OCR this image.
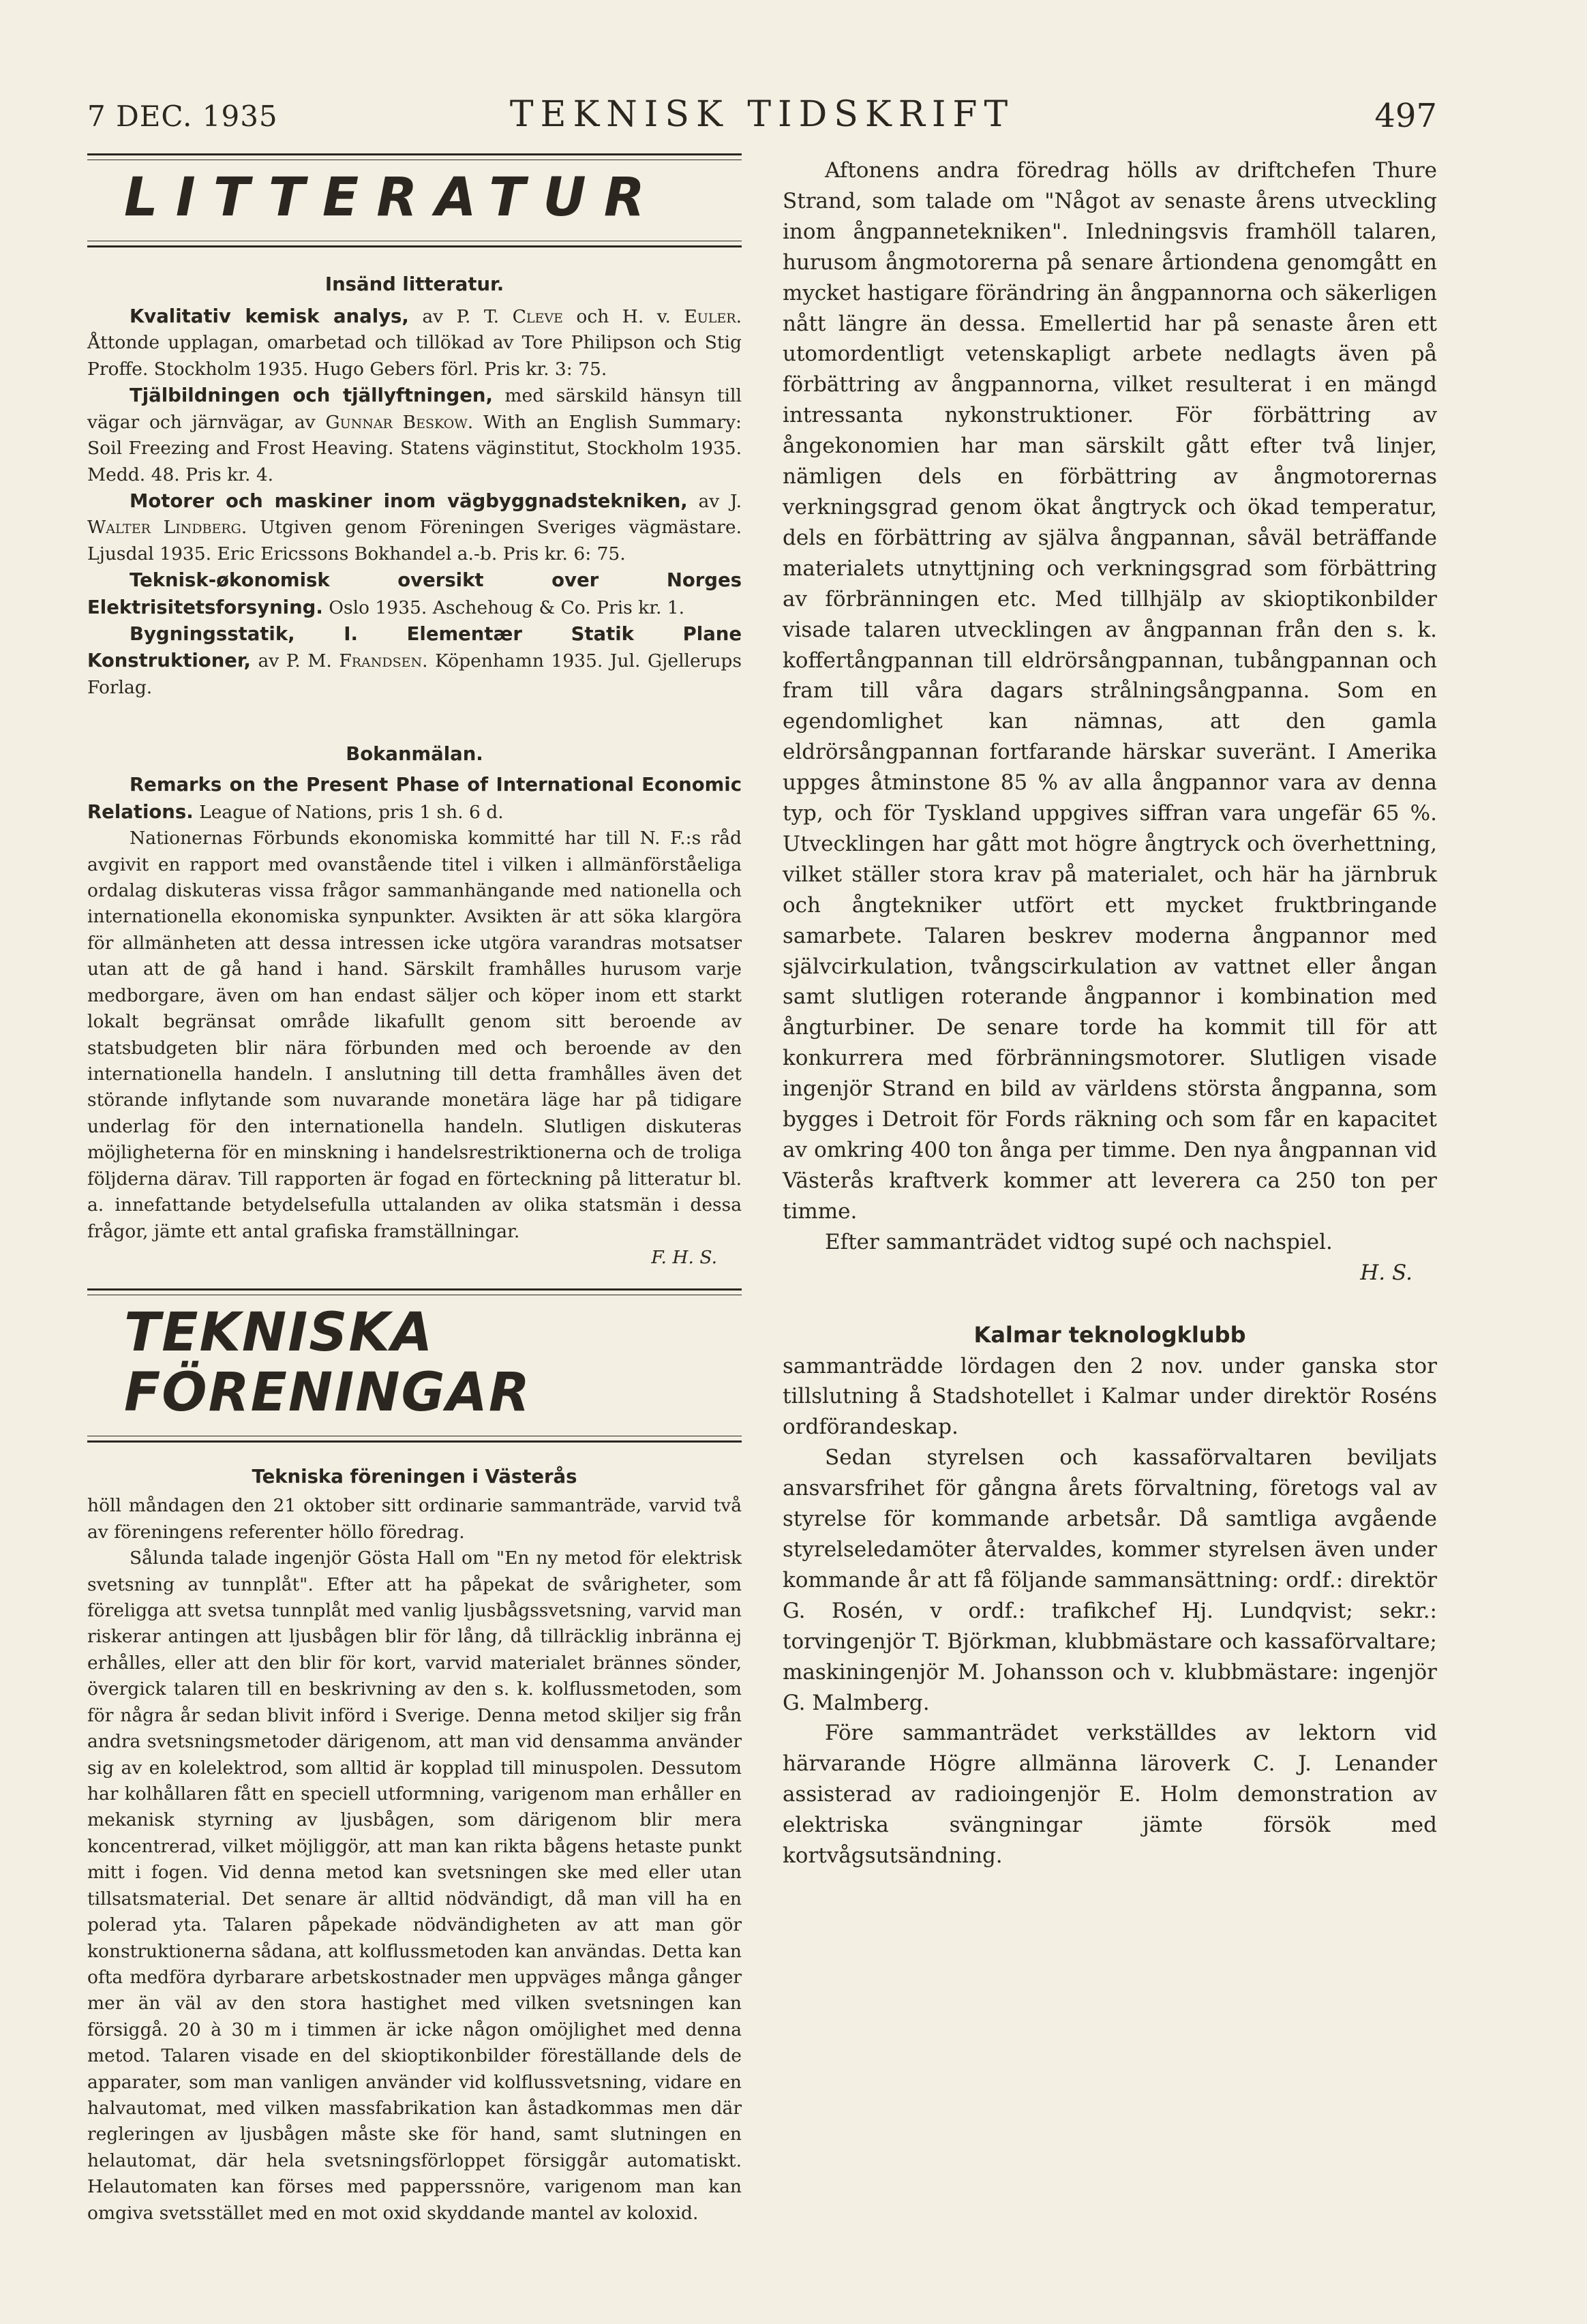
7 DEC. 1935	TEKNISK TIDSKRIFT	497
LITTERATUR

Insänd litteratur.

Kvalitativ kemisk analys, av P. T. Cleve och H. v. Euler. Åttonde upplagan, omarbetad och tillökad av Tore Philipson och Stig Proffe. Stockholm 1935. Hugo Gebers förl. Pris kr. 3: 75.

Tjälbildningen och tjällyftningen, med särskild hänsyn till vägar och järnvägar, av Gunnar Beskow. With an English Summary: Soil Freezing and Frost Heaving. Statens väginstitut, Stockholm 1935. Medd. 48. Pris kr. 4.

Motorer och maskiner inom vägbyggnadstekniken, av J. Walter Lindberg. Utgiven genom Föreningen Sveriges vägmästare. Ljusdal 1935. Eric Ericssons Bokhandel a.-b. Pris kr. 6: 75.

Teknisk-økonomisk oversikt over Norges Elektrisitetsforsyning. Oslo 1935. Aschehoug & Co. Pris kr. 1.

Bygningsstatik, I. Elementær Statik Plane Konstruktioner, av P. M. Frandsen. Köpenhamn 1935. Jul. Gjellerups Forlag.

Bokanmälan.

Remarks on the Present Phase of International Economic Relations. League of Nations, pris 1 sh. 6 d.

Nationernas Förbunds ekonomiska kommitté har till N. F.:s råd avgivit en rapport med ovanstående titel i vilken i allmänförståeliga ordalag diskuteras vissa frågor sammanhängande med nationella och internationella ekonomiska synpunkter. Avsikten är att söka klargöra för allmänheten att dessa intressen icke utgöra varandras motsatser utan att de gå hand i hand. Särskilt framhålles hurusom varje medborgare, även om han endast säljer och köper inom ett starkt lokalt begränsat område likafullt genom sitt beroende av statsbudgeten blir nära förbunden med och beroende av den internationella handeln. I anslutning till detta framhålles även det störande inflytande som nuvarande monetära läge har på tidigare underlag för den internationella handeln. Slutligen diskuteras möjligheterna för en minskning i handelsrestriktionerna och de troliga följderna därav. Till rapporten är fogad en förteckning på litteratur bl. a. innefattande betydelsefulla uttalanden av olika statsmän i dessa frågor, jämte ett antal grafiska framställningar.

F. H. S.

TEKNISKA FÖRENINGAR

Tekniska föreningen i Västerås

höll måndagen den 21 oktober sitt ordinarie sammanträde, varvid två av föreningens referenter höllo föredrag.

Sålunda talade ingenjör Gösta Hall om "En ny metod för elektrisk svetsning av tunnplåt". Efter att ha påpekat de svårigheter, som föreligga att svetsa tunnplåt med vanlig ljusbågssvetsning, varvid man riskerar antingen att ljusbågen blir för lång, då tillräcklig inbränna ej erhålles, eller att den blir för kort, varvid materialet brännes sönder, övergick talaren till en beskrivning av den s. k. kolflussmetoden, som för några år sedan blivit införd i Sverige. Denna metod skiljer sig från andra svetsningsmetoder därigenom, att man vid densamma använder sig av en kolelektrod, som alltid är kopplad till minuspolen. Dessutom har kolhållaren fått en speciell utformning, varigenom man erhåller en mekanisk styrning av ljusbågen, som därigenom blir mera koncentrerad, vilket möjliggör, att man kan rikta bågens hetaste punkt mitt i fogen. Vid denna metod kan svetsningen ske med eller utan tillsatsmaterial. Det senare är alltid nödvändigt, då man vill ha en polerad yta. Talaren påpekade nödvändigheten av att man gör konstruktionerna sådana, att kolflussmetoden kan användas. Detta kan ofta medföra dyrbarare arbetskostnader men uppväges många gånger mer än väl av den stora hastighet med vilken svetsningen kan försiggå. 20 à 30 m i timmen är icke någon omöjlighet med denna metod. Talaren visade en del skioptikonbilder föreställande dels de apparater, som man vanligen använder vid kolflussvetsning, vidare en halvautomat, med vilken massfabrikation kan åstadkommas men där regleringen av ljusbågen måste ske för hand, samt slutningen en helautomat, där hela svetsningsförloppet försiggår automatiskt. Helautomaten kan förses med papperssnöre, varigenom man kan omgiva svetsstället med en mot oxid skyddande mantel av koloxid.

Aftonens andra föredrag hölls av driftchefen Thure Strand, som talade om "Något av senaste årens utveckling inom ångpannetekniken". Inledningsvis framhöll talaren, hurusom ångmotorerna på senare årtiondena genomgått en mycket hastigare förändring än ångpannorna och säkerligen nått längre än dessa. Emellertid har på senaste åren ett utomordentligt vetenskapligt arbete nedlagts även på förbättring av ångpannorna, vilket resulterat i en mängd intressanta nykonstruktioner. För förbättring av ångekonomien har man särskilt gått efter två linjer, nämligen dels en förbättring av ångmotorernas verkningsgrad genom ökat ångtryck och ökad temperatur, dels en förbättring av själva ångpannan, såväl beträffande materialets utnyttjning och verkningsgrad som förbättring av förbränningen etc. Med tillhjälp av skioptikonbilder visade talaren utvecklingen av ångpannan från den s. k. koffertångpannan till eldrörsångpannan, tubångpannan och fram till våra dagars strålningsångpanna. Som en egendomlighet kan nämnas, att den gamla eldrörsångpannan fortfarande härskar suveränt. I Amerika uppges åtminstone 85 % av alla ångpannor vara av denna typ, och för Tyskland uppgives siffran vara ungefär 65 %. Utvecklingen har gått mot högre ångtryck och överhettning, vilket ställer stora krav på materialet, och här ha järnbruk och ångtekniker utfört ett mycket fruktbringande samarbete. Talaren beskrev moderna ångpannor med självcirkulation, tvångscirkulation av vattnet eller ångan samt slutligen roterande ångpannor i kombination med ångturbiner. De senare torde ha kommit till för att konkurrera med förbränningsmotorer. Slutligen visade ingenjör Strand en bild av världens största ångpanna, som bygges i Detroit för Fords räkning och som får en kapacitet av omkring 400 ton ånga per timme. Den nya ångpannan vid Västerås kraftverk kommer att leverera ca 250 ton per timme.

Efter sammanträdet vidtog supé och nachspiel.

H. S.

Kalmar teknologklubb

sammanträdde lördagen den 2 nov. under ganska stor tillslutning å Stadshotellet i Kalmar under direktör Roséns ordförandeskap.

Sedan styrelsen och kassaförvaltaren beviljats ansvarsfrihet för gångna årets förvaltning, företogs val av styrelse för kommande arbetsår. Då samtliga avgående styrelseledamöter återvaldes, kommer styrelsen även under kommande år att få följande sammansättning: ordf.: direktör G. Rosén, v ordf.: trafikchef Hj. Lundqvist; sekr.: torvingenjör T. Björkman, klubbmästare och kassaförvaltare; maskiningenjör M. Johansson och v. klubbmästare: ingenjör G. Malmberg.

Före sammanträdet verkställdes av lektorn vid härvarande Högre allmänna läroverk C. J. Lenander assisterad av radioingenjör E. Holm demonstration av elektriska svängningar jämte försök med kortvågsutsändning.
